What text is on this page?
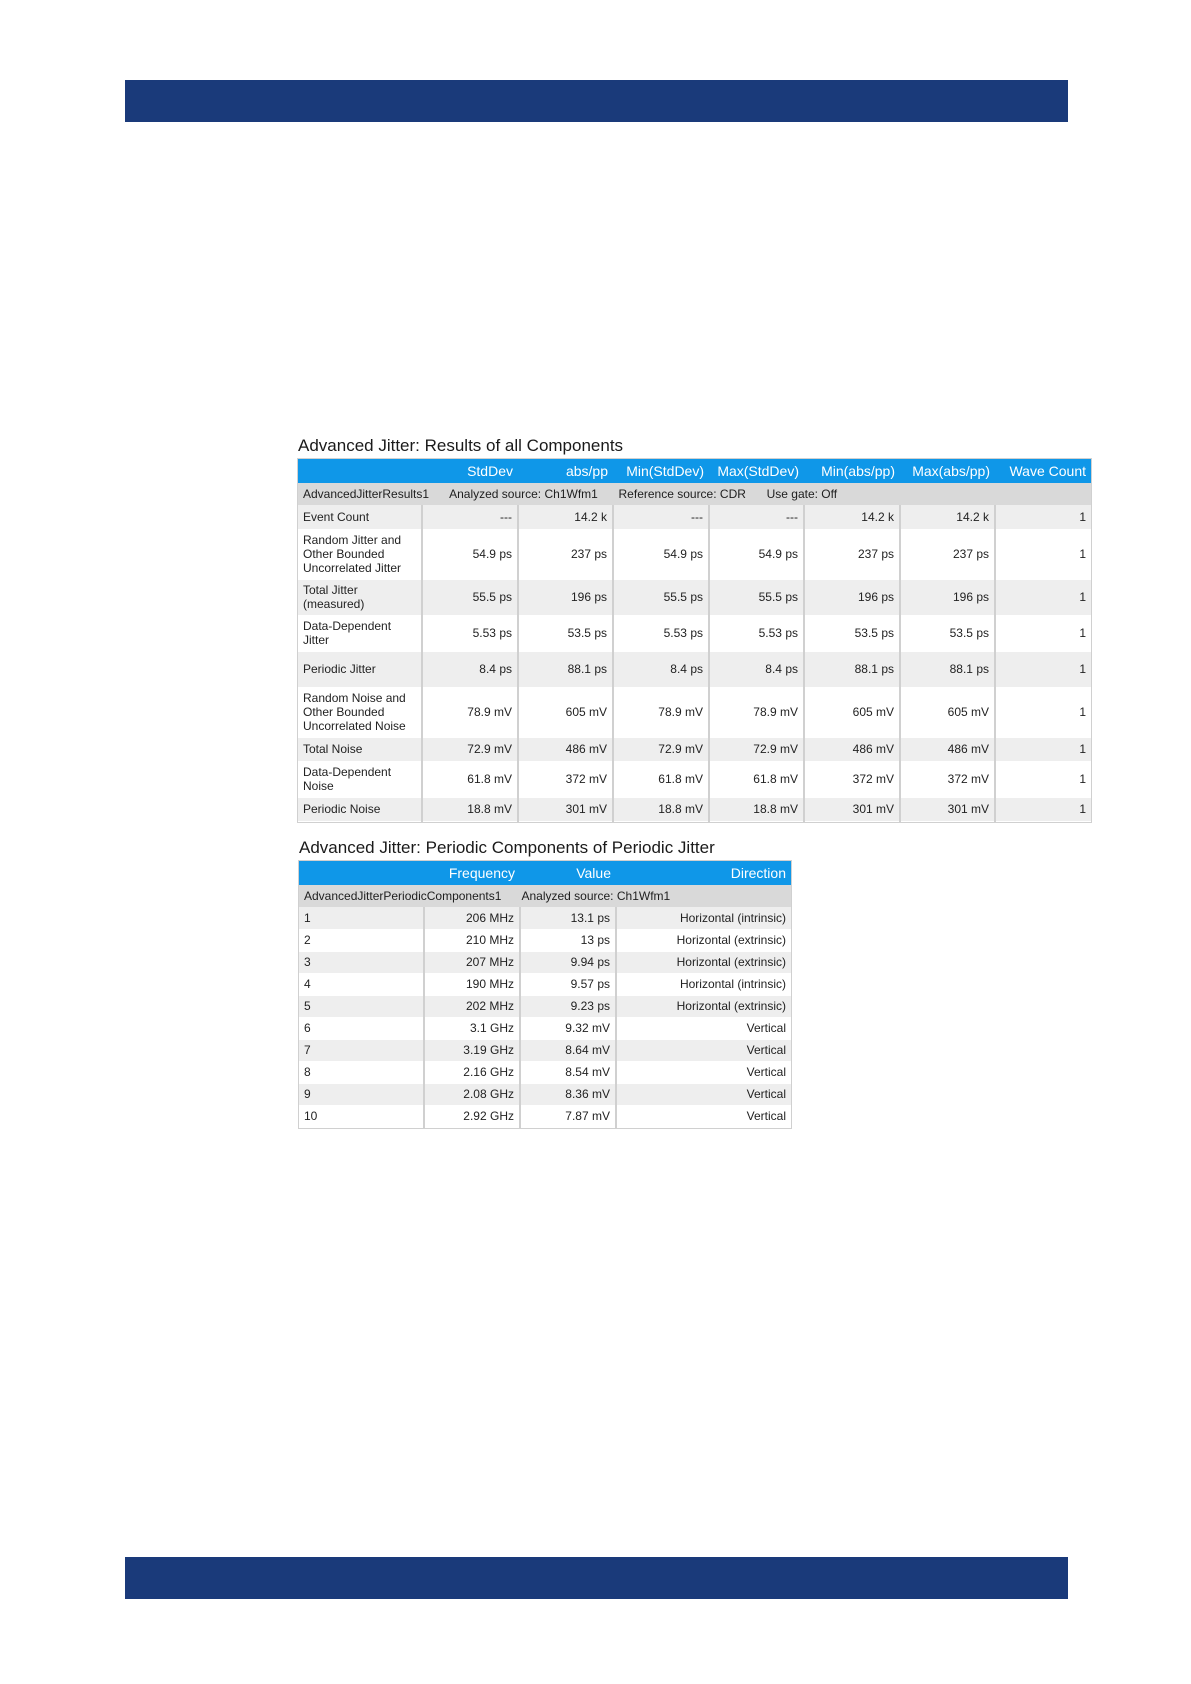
Advanced Jitter: Results of all Components
	StdDev	abs/pp	Min(StdDev)	Max(StdDev)	Min(abs/pp)	Max(abs/pp)	Wave Count
AdvancedJitterResults1 Analyzed source: Ch1Wfm1 Reference source: CDR Use gate: Off							
Event Count	---	14.2 k	---	---	14.2 k	14.2 k	1
Random Jitter and Other Bounded Uncorrelated Jitter	54.9 ps	237 ps	54.9 ps	54.9 ps	237 ps	237 ps	1
Total Jitter (measured)	55.5 ps	196 ps	55.5 ps	55.5 ps	196 ps	196 ps	1
Data-Dependent Jitter	5.53 ps	53.5 ps	5.53 ps	5.53 ps	53.5 ps	53.5 ps	1
Periodic Jitter	8.4 ps	88.1 ps	8.4 ps	8.4 ps	88.1 ps	88.1 ps	1
Random Noise and Other Bounded Uncorrelated Noise	78.9 mV	605 mV	78.9 mV	78.9 mV	605 mV	605 mV	1
Total Noise	72.9 mV	486 mV	72.9 mV	72.9 mV	486 mV	486 mV	1
Data-Dependent Noise	61.8 mV	372 mV	61.8 mV	61.8 mV	372 mV	372 mV	1
Periodic Noise	18.8 mV	301 mV	18.8 mV	18.8 mV	301 mV	301 mV	1
Advanced Jitter: Periodic Components of Periodic Jitter
	Frequency	Value	Direction
AdvancedJitterPeriodicComponents1 Analyzed source: Ch1Wfm1			
1	206 MHz	13.1 ps	Horizontal (intrinsic)
2	210 MHz	13 ps	Horizontal (extrinsic)
3	207 MHz	9.94 ps	Horizontal (extrinsic)
4	190 MHz	9.57 ps	Horizontal (intrinsic)
5	202 MHz	9.23 ps	Horizontal (extrinsic)
6	3.1 GHz	9.32 mV	Vertical
7	3.19 GHz	8.64 mV	Vertical
8	2.16 GHz	8.54 mV	Vertical
9	2.08 GHz	8.36 mV	Vertical
10	2.92 GHz	7.87 mV	Vertical
